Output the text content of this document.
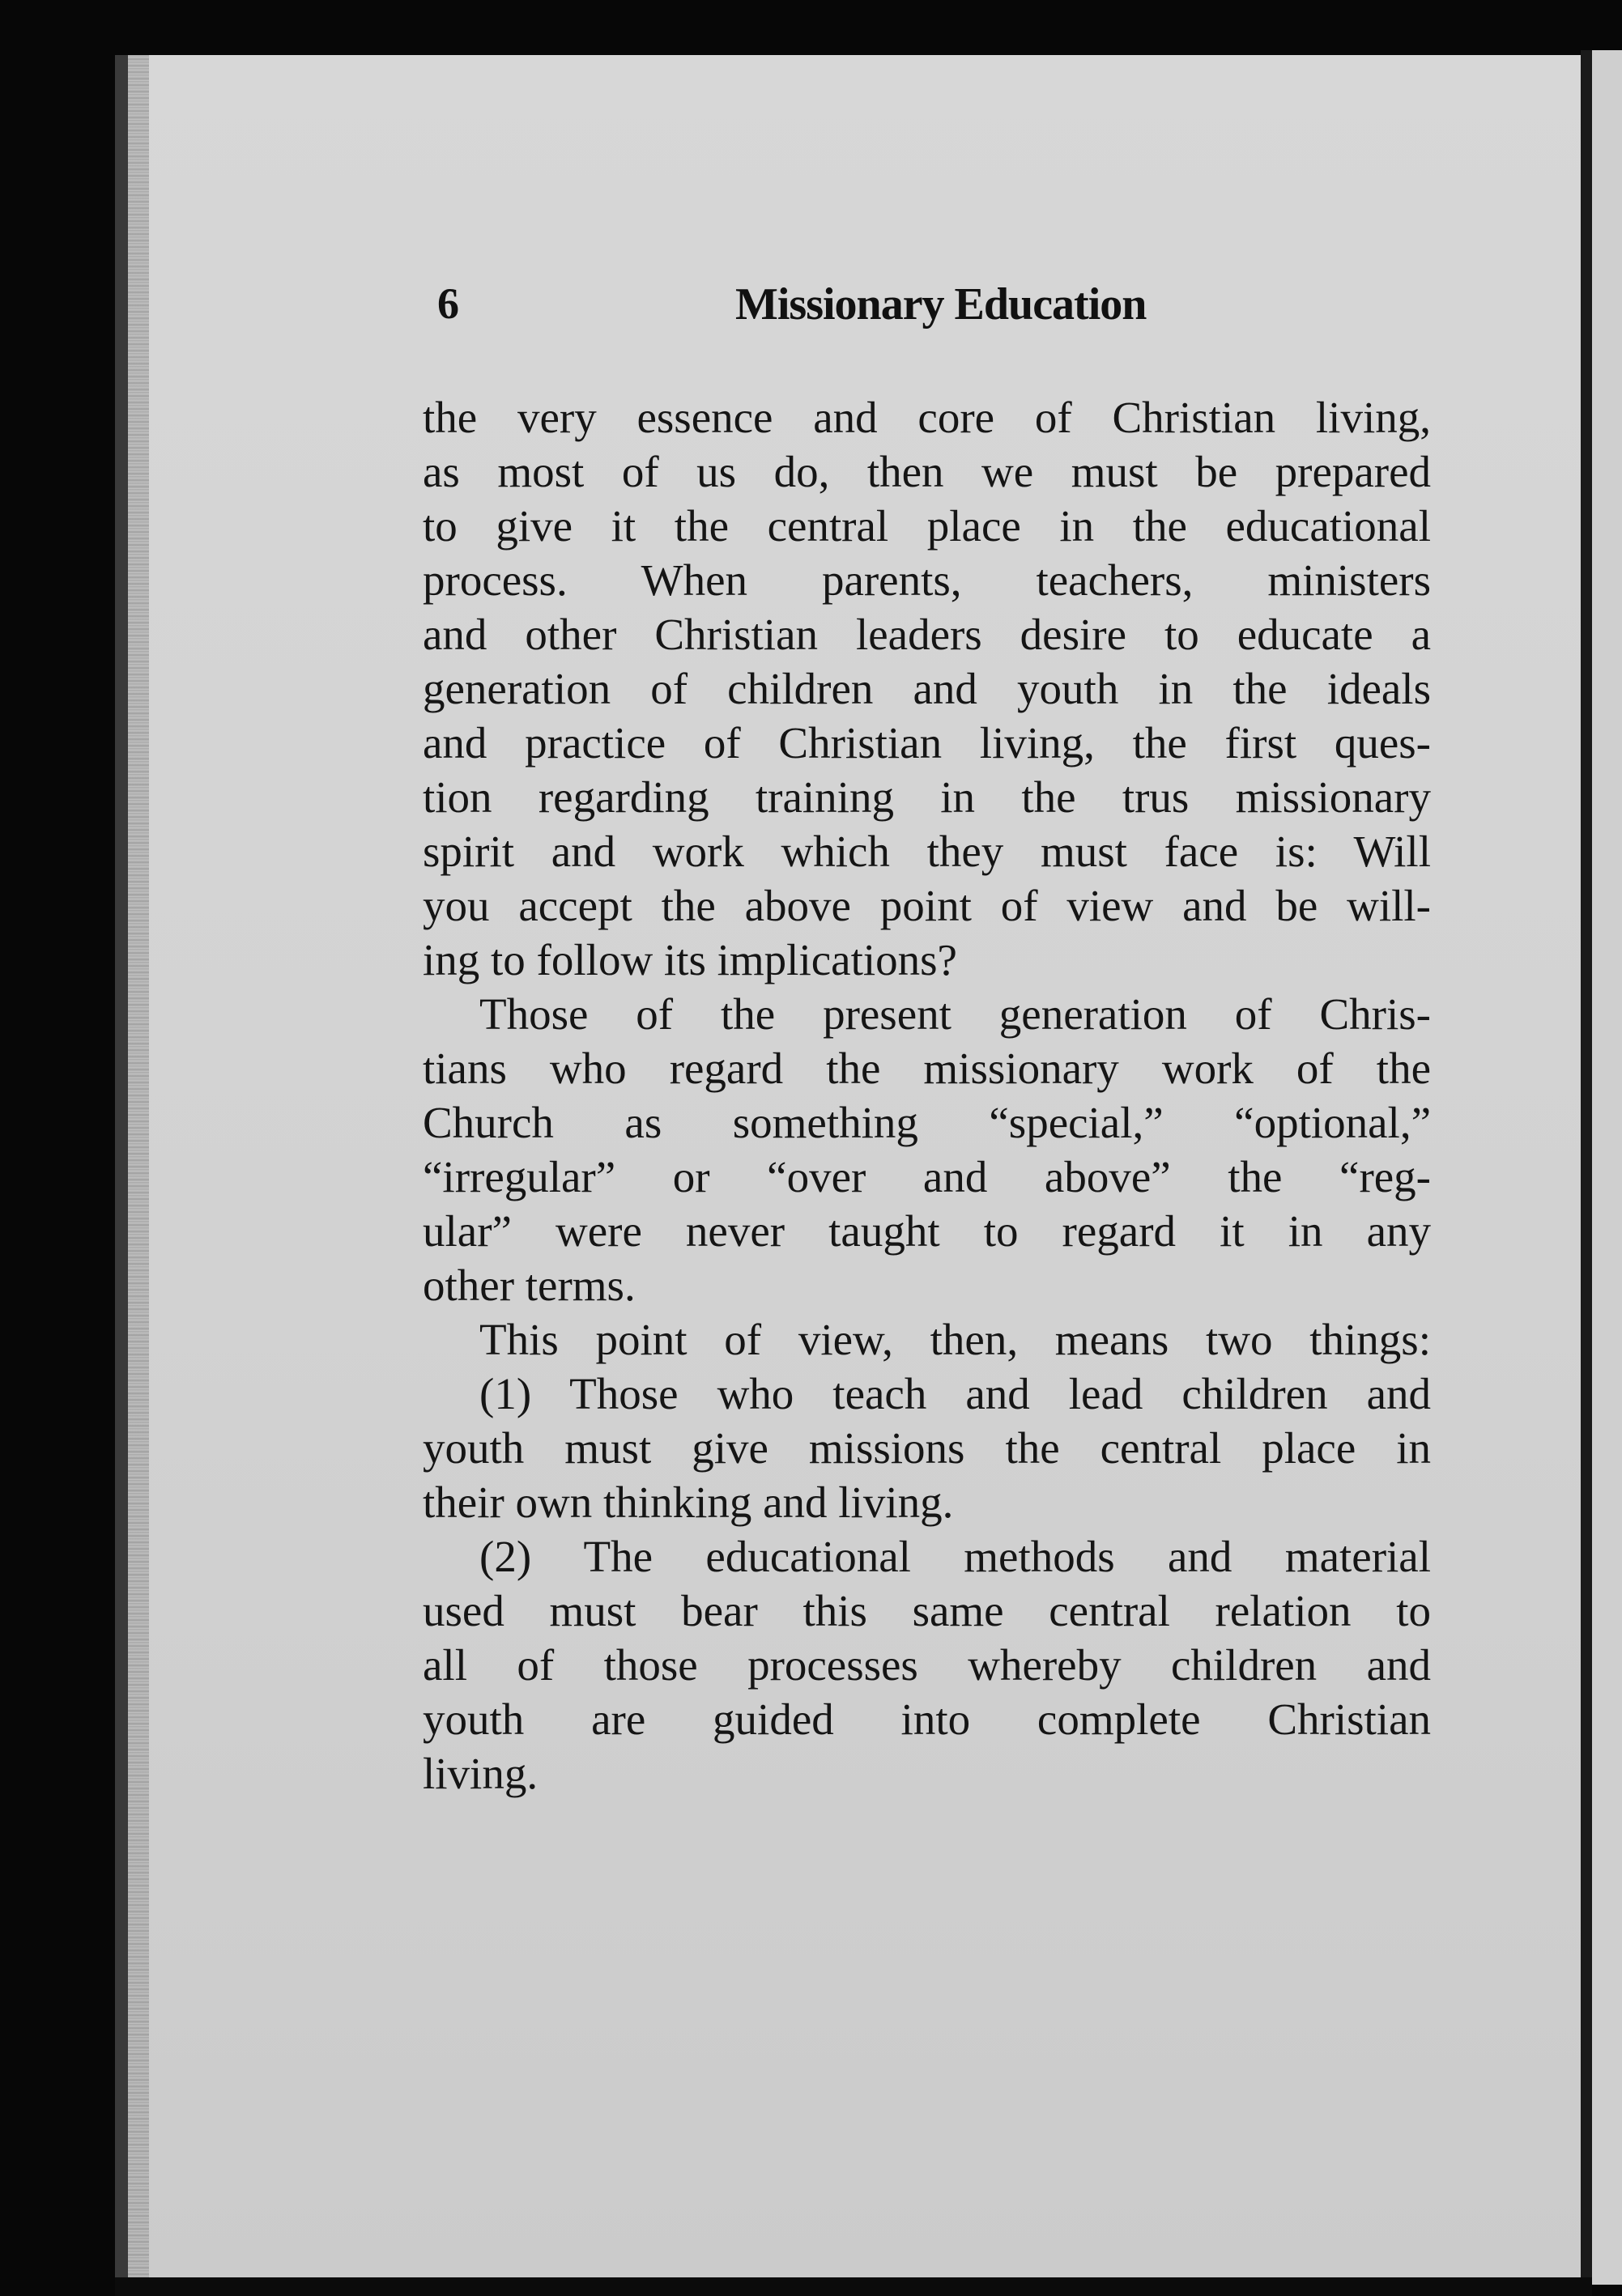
6	Missionary Education
the very essence and core of Christian living,
as most of us do, then we must be prepared
to give it the central place in the educational
process. When parents, teachers, ministers
and other Christian leaders desire to educate a
generation of children and youth in the ideals
and practice of Christian living, the first ques-
tion regarding training in the trus missionary
spirit and work which they must face is: Will
you accept the above point of view and be will-
ing to follow its implications?
Those of the present generation of Chris-
tians who regard the missionary work of the
Church as something “special,” “optional,”
“irregular” or “over and above” the “reg-
ular” were never taught to regard it in any
other terms.
This point of view, then, means two things:
(1) Those who teach and lead children and
youth must give missions the central place in
their own thinking and living.
(2) The educational methods and material
used must bear this same central relation to
all of those processes whereby children and
youth are guided into complete Christian
living.
